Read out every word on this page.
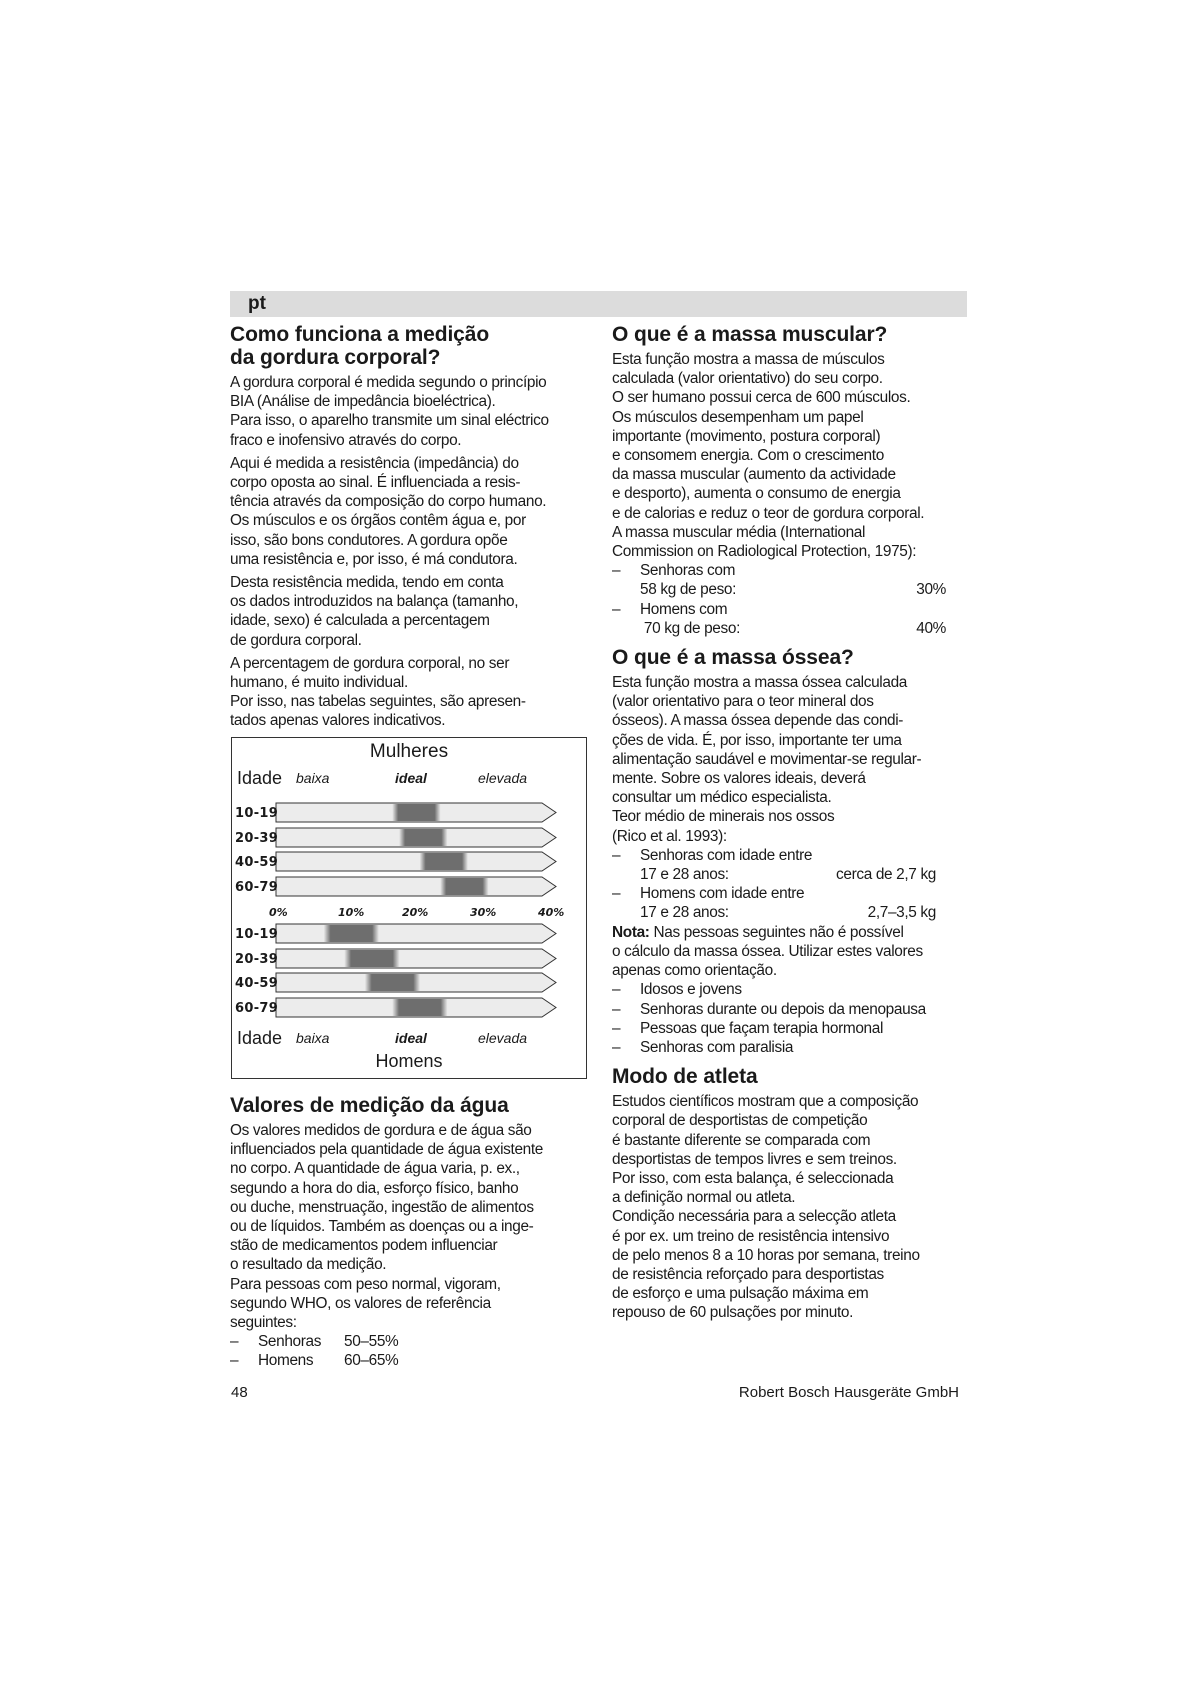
pt
Como funciona a medição
da gordura corporal?

A gordura corporal é medida segundo o princípio
BIA (Análise de impedância bioeléctrica).
Para isso, o aparelho transmite um sinal eléctrico
fraco e inofensivo através do corpo.

Aqui é medida a resistência (impedância) do
corpo oposta ao sinal. É influenciada a resis-
tência através da composição do corpo humano.
Os músculos e os órgãos contêm água e, por
isso, são bons condutores. A gordura opõe
uma resistência e, por isso, é má condutora.

Desta resistência medida, tendo em conta
os dados introduzidos na balança (tamanho,
idade, sexo) é calculada a percentagem
de gordura corporal.

A percentagem de gordura corporal, no ser
humano, é muito individual.
Por isso, nas tabelas seguintes, são apresen-
tados apenas valores indicativos.

Mulheres
Idade baixa	ideal	elevada
10-19
20-39
40-59
60-79
0%	10%	20%	30%	40%
10-19
20-39
40-59
60-79
Idade baixa	ideal	elevada
Homens
Valores de medição da água

Os valores medidos de gordura e de água são
influenciados pela quantidade de água existente
no corpo. A quantidade de água varia, p. ex.,
segundo a hora do dia, esforço físico, banho
ou duche, menstruação, ingestão de alimentos
ou de líquidos. Também as doenças ou a inge-
stão de medicamentos podem influenciar
o resultado da medição.

Para pessoas com peso normal, vigoram,
segundo WHO, os valores de referência
seguintes:

– Senhoras	50–55%
– Homens	60–65%
O que é a massa muscular?

Esta função mostra a massa de músculos
calculada (valor orientativo) do seu corpo.
O ser humano possui cerca de 600 músculos.
Os músculos desempenham um papel
importante (movimento, postura corporal)
e consomem energia. Com o crescimento
da massa muscular (aumento da actividade
e desporto), aumenta o consumo de energia
e de calorias e reduz o teor de gordura corporal.
A massa muscular média (International
Commission on Radiological Protection, 1975):

– Senhoras com

58 kg de peso:	30%
– Homens com

70 kg de peso:	40%
O que é a massa óssea?

Esta função mostra a massa óssea calculada
(valor orientativo para o teor mineral dos
ósseos). A massa óssea depende das condi-
ções de vida. É, por isso, importante ter uma
alimentação saudável e movimentar-se regular-
mente. Sobre os valores ideais, deverá
consultar um médico especialista.

Teor médio de minerais nos ossos
(Rico et al. 1993):

– Senhoras com idade entre

17 e 28 anos:	cerca de 2,7 kg
– Homens com idade entre

17 e 28 anos:	2,7–3,5 kg

Nota: Nas pessoas seguintes não é possível
o cálculo da massa óssea. Utilizar estes valores
apenas como orientação.

– Idosos e jovens
– Senhoras durante ou depois da menopausa
– Pessoas que façam terapia hormonal
– Senhoras com paralisia
Modo de atleta

Estudos científicos mostram que a composição
corporal de desportistas de competição
é bastante diferente se comparada com
desportistas de tempos livres e sem treinos.
Por isso, com esta balança, é seleccionada
a definição normal ou atleta.

Condição necessária para a selecção atleta
é por ex. um treino de resistência intensivo
de pelo menos 8 a 10 horas por semana, treino
de resistência reforçado para desportistas
de esforço e uma pulsação máxima em
repouso de 60 pulsações por minuto.

48	Robert Bosch Hausgeräte GmbH
